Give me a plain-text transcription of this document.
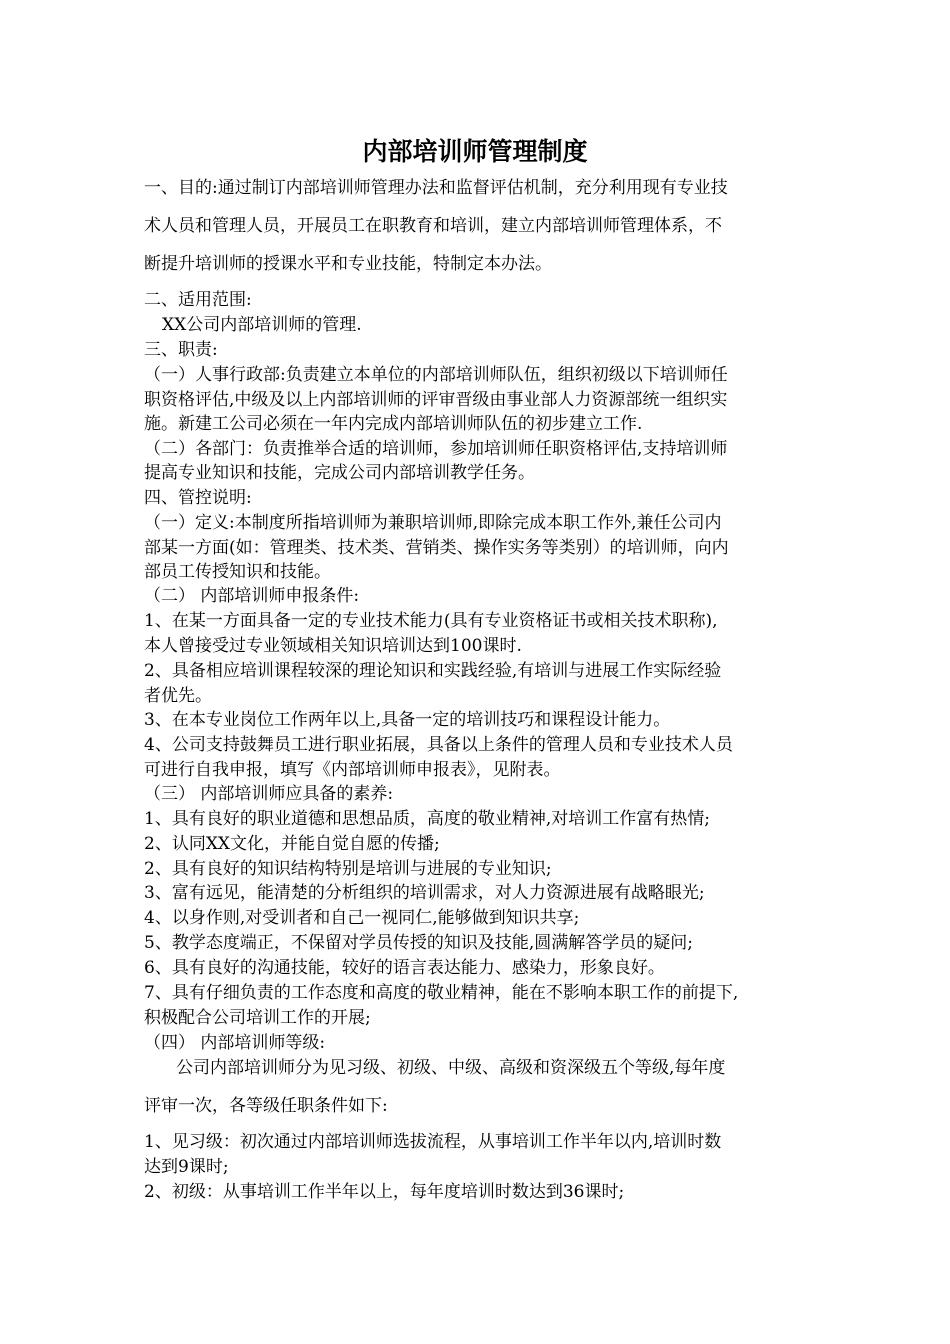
内部培训师管理制度

一、目的:通过制订内部培训师管理办法和监督评估机制，充分利用现有专业技

术人员和管理人员，开展员工在职教育和培训，建立内部培训师管理体系，不

断提升培训师的授课水平和专业技能，特制定本办法。

二、适用范围:

XX公司内部培训师的管理.

三、职责:

（一）人事行政部:负责建立本单位的内部培训师队伍，组织初级以下培训师任

职资格评估,中级及以上内部培训师的评审晋级由事业部人力资源部统一组织实

施。新建工公司必须在一年内完成内部培训师队伍的初步建立工作.

（二）各部门：负责推举合适的培训师，参加培训师任职资格评估,支持培训师

提高专业知识和技能，完成公司内部培训教学任务。

四、管控说明:

（一）定义:本制度所指培训师为兼职培训师,即除完成本职工作外,兼任公司内

部某一方面(如：管理类、技术类、营销类、操作实务等类别）的培训师，向内

部员工传授知识和技能。

（二） 内部培训师申报条件:

1、在某一方面具备一定的专业技术能力(具有专业资格证书或相关技术职称),

本人曾接受过专业领域相关知识培训达到100课时.

2、具备相应培训课程较深的理论知识和实践经验,有培训与进展工作实际经验

者优先。

3、在本专业岗位工作两年以上,具备一定的培训技巧和课程设计能力。

4、公司支持鼓舞员工进行职业拓展，具备以上条件的管理人员和专业技术人员

可进行自我申报，填写《内部培训师申报表》，见附表。

（三） 内部培训师应具备的素养:

1、具有良好的职业道德和思想品质，高度的敬业精神,对培训工作富有热情;

2、认同XX文化，并能自觉自愿的传播;

2、具有良好的知识结构特别是培训与进展的专业知识;

3、富有远见，能清楚的分析组织的培训需求，对人力资源进展有战略眼光;

4、以身作则,对受训者和自己一视同仁,能够做到知识共享;

5、教学态度端正，不保留对学员传授的知识及技能,圆满解答学员的疑问;

6、具有良好的沟通技能，较好的语言表达能力、感染力，形象良好。

7、具有仔细负责的工作态度和高度的敬业精神，能在不影响本职工作的前提下,

积极配合公司培训工作的开展;

（四） 内部培训师等级:

公司内部培训师分为见习级、初级、中级、高级和资深级五个等级,每年度

评审一次，各等级任职条件如下:

1、见习级：初次通过内部培训师选拔流程，从事培训工作半年以内,培训时数

达到9课时;

2、初级：从事培训工作半年以上，每年度培训时数达到36课时;
